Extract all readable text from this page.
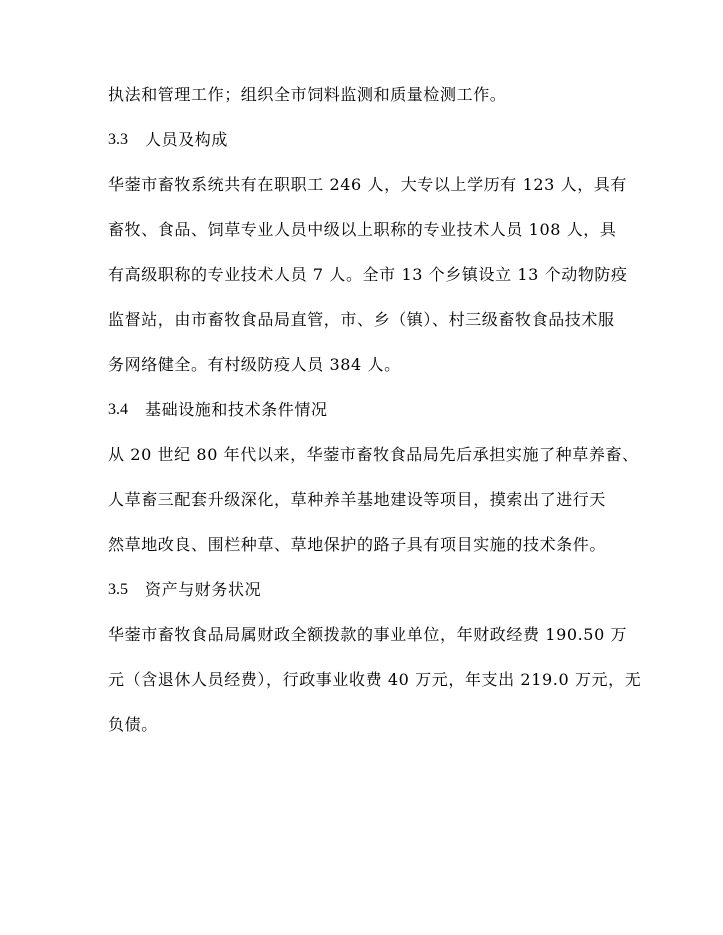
执法和管理工作；组织全市饲料监测和质量检测工作。
3.3	人员及构成
华蓥市畜牧系统共有在职职工 246 人，大专以上学历有 123 人，具有
畜牧、食品、饲草专业人员中级以上职称的专业技术人员 108 人，具
有高级职称的专业技术人员 7 人。全市 13 个乡镇设立 13 个动物防疫
监督站，由市畜牧食品局直管，市、乡（镇）、村三级畜牧食品技术服
务网络健全。有村级防疫人员 384 人。
3.4	基础设施和技术条件情况
从 20 世纪 80 年代以来，华蓥市畜牧食品局先后承担实施了种草养畜、
人草畜三配套升级深化，草种养羊基地建设等项目，摸索出了进行天
然草地改良、围栏种草、草地保护的路子具有项目实施的技术条件。
3.5	资产与财务状况
华蓥市畜牧食品局属财政全额拨款的事业单位，年财政经费 190.50 万
元（含退休人员经费），行政事业收费 40 万元，年支出 219.0 万元，无
负债。
